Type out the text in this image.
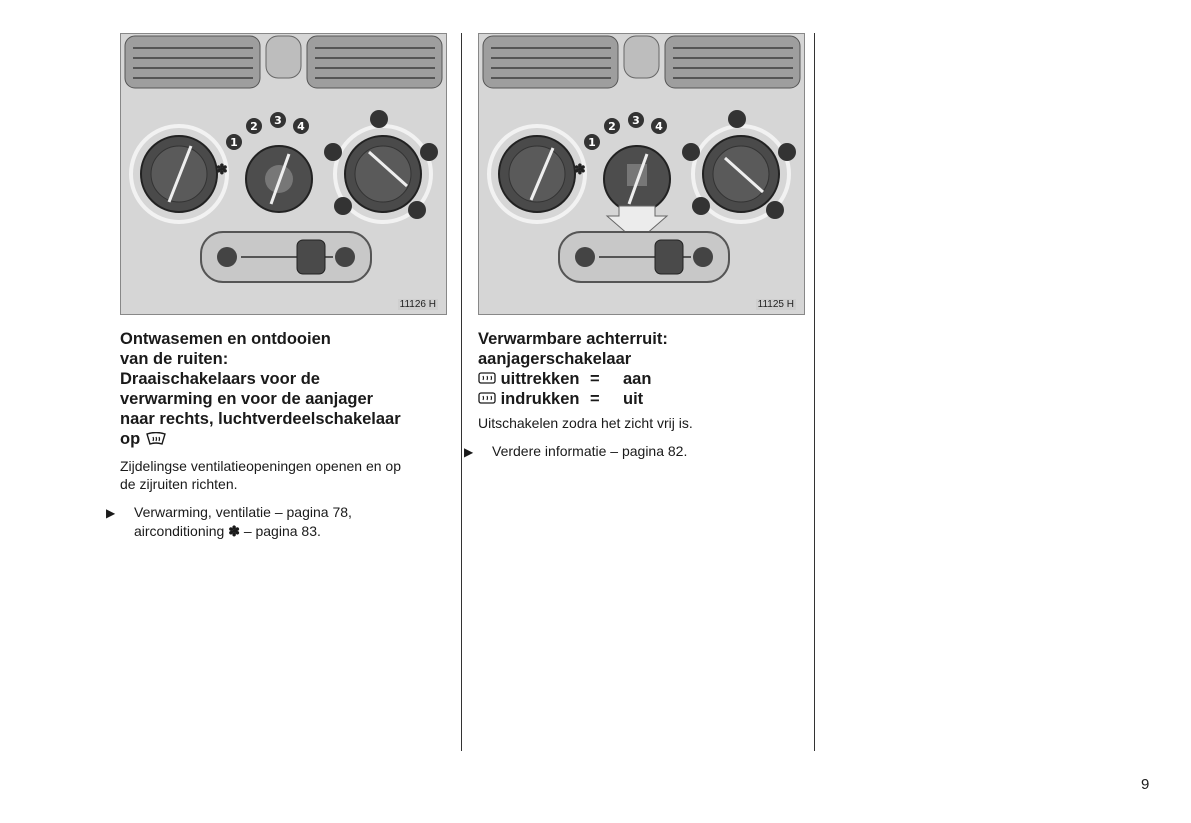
✽
1
2 3 4
11126 H
Ontwasemen en ontdooien
van de ruiten:
Draaischakelaars voor de
verwarming en voor de aanjager
naar rechts, luchtverdeelschakelaar
op
Zijdelingse ventilatieopeningen openen en op
de zijruiten richten.
▶ Verwarming, ventilatie – pagina 78,
airconditioning ✽ – pagina 83.
✽
1
2 3 4
11125 H
Verwarmbare achterruit:
aanjagerschakelaar
uittrekken =	aan
indrukken =	uit
Uitschakelen zodra het zicht vrij is.
▶ Verdere informatie – pagina 82.
9
